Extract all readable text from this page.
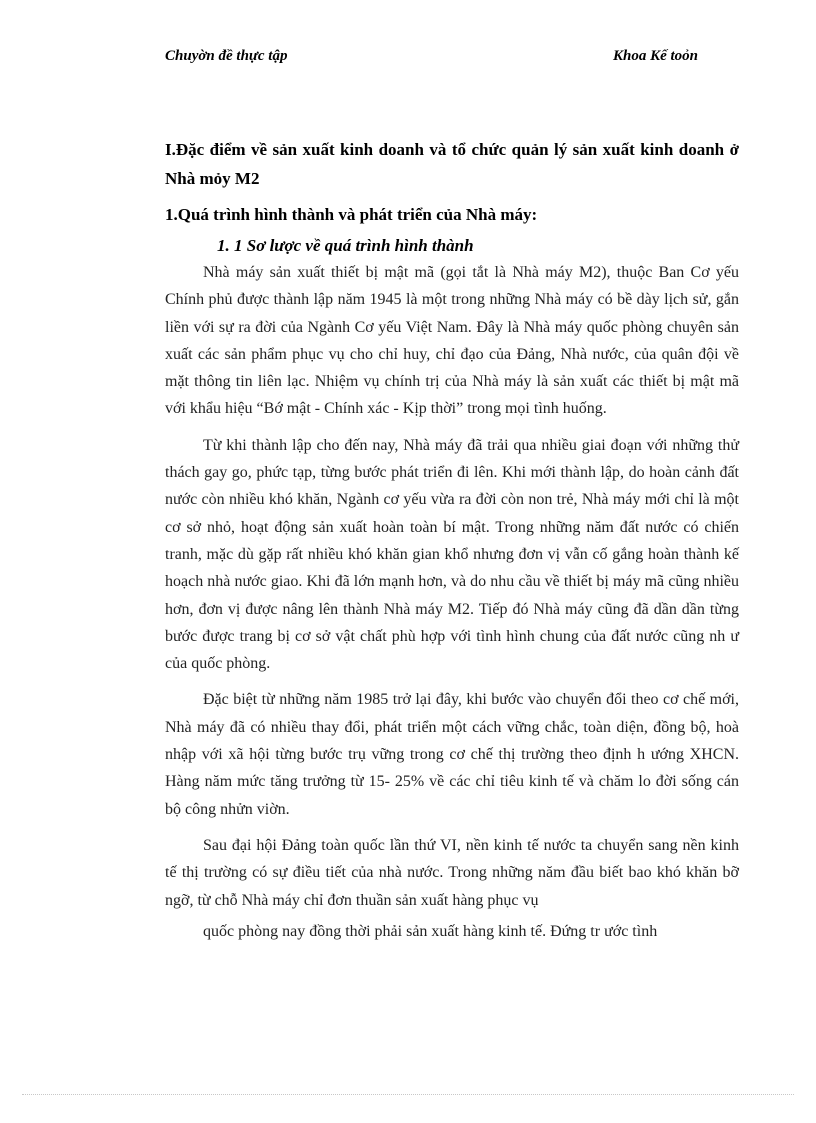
Chuyờn đề thực tập	Khoa Kế toỏn
I.Đặc điểm về sản xuất kinh doanh và tổ chức quản lý sản xuất kinh doanh ở Nhà mỏy M2
1.Quá trình hình thành và phát triển của Nhà máy:
1. 1 Sơ lược về quá trình hình thành

Nhà máy sản xuất thiết bị mật mã (gọi tắt là Nhà máy M2), thuộc Ban Cơ yếu Chính phủ được thành lập năm 1945 là một trong những Nhà máy có bề dày lịch sử, gắn liền với sự ra đời của Ngành Cơ yếu Việt Nam. Đây là Nhà máy quốc phòng chuyên sản xuất các sản phẩm phục vụ cho chỉ huy, chỉ đạo của Đảng, Nhà nước, của quân đội về mặt thông tin liên lạc. Nhiệm vụ chính trị của Nhà máy là sản xuất các thiết bị mật mã với khẩu hiệu “Bớ mật - Chính xác - Kịp thời” trong mọi tình huống.

Từ khi thành lập cho đến nay, Nhà máy đã trải qua nhiều giai đoạn với những thử thách gay go, phức tạp, từng bước phát triển đi lên. Khi mới thành lập, do hoàn cảnh đất nước còn nhiều khó khăn, Ngành cơ yếu vừa ra đời còn non trẻ, Nhà máy mới chỉ là một cơ sở nhỏ, hoạt động sản xuất hoàn toàn bí mật. Trong những năm đất nước có chiến tranh, mặc dù gặp rất nhiều khó khăn gian khổ nhưng đơn vị vẫn cố gắng hoàn thành kế hoạch nhà nước giao. Khi đã lớn mạnh hơn, và do nhu cầu về thiết bị máy mã cũng nhiều hơn, đơn vị được nâng lên thành Nhà máy M2. Tiếp đó Nhà máy cũng đã dần dần từng bước được trang bị cơ sở vật chất phù hợp với tình hình chung của đất nước cũng nh ư của quốc phòng.

Đặc biệt từ những năm 1985 trở lại đây, khi bước vào chuyển đổi theo cơ chế mới, Nhà máy đã có nhiều thay đổi, phát triển một cách vững chắc, toàn diện, đồng bộ, hoà nhập với xã hội từng bước trụ vững trong cơ chế thị trường theo định h ướng XHCN. Hàng năm mức tăng trưởng từ 15- 25% về các chỉ tiêu kinh tế và chăm lo đời sống cán bộ công nhửn viờn.

Sau đại hội Đảng toàn quốc lần thứ VI, nền kinh tế nước ta chuyển sang nền kinh tế thị trường có sự điều tiết của nhà nước. Trong những năm đầu biết bao khó khăn bỡ ngỡ, từ chỗ Nhà máy chỉ đơn thuần sản xuất hàng phục vụ

quốc phòng nay đồng thời phải sản xuất hàng kinh tế. Đứng tr ước tình
